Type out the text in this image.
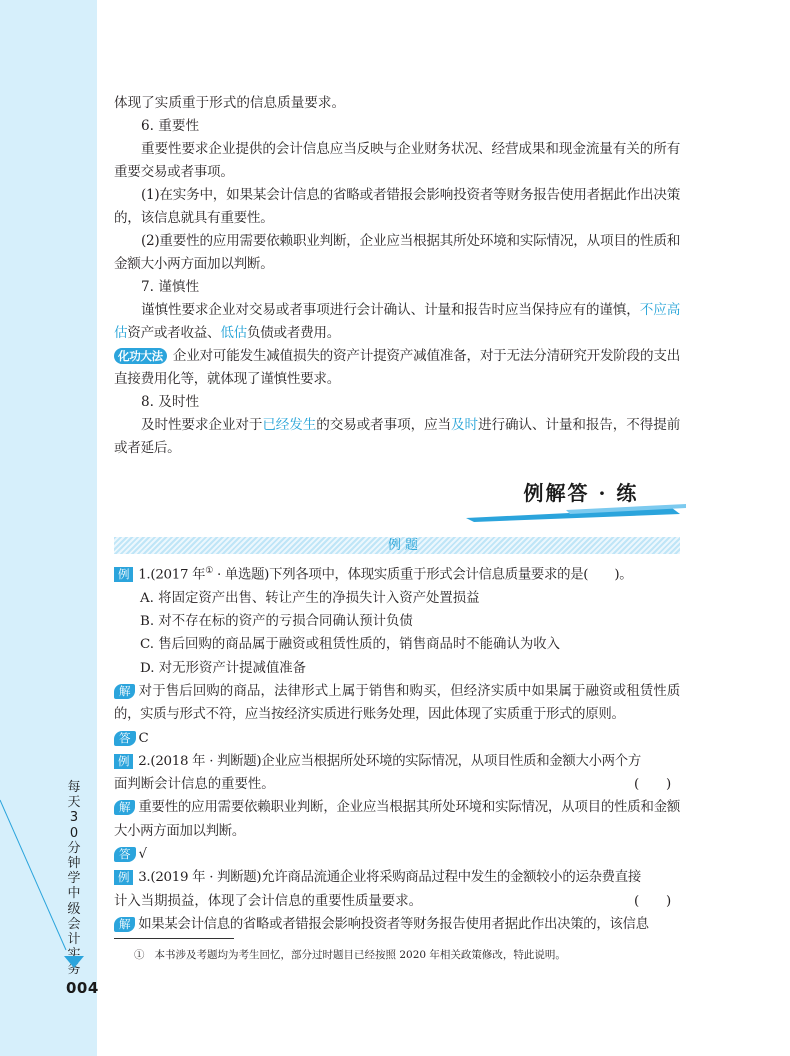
每天30分钟学中级会计实务
004

体现了实质重于形式的信息质量要求。

6. 重要性

重要性要求企业提供的会计信息应当反映与企业财务状况、经营成果和现金流量有关的所有重要交易或者事项。

(1)在实务中，如果某会计信息的省略或者错报会影响投资者等财务报告使用者据此作出决策的，该信息就具有重要性。

(2)重要性的应用需要依赖职业判断，企业应当根据其所处环境和实际情况，从项目的性质和金额大小两方面加以判断。

7. 谨慎性

谨慎性要求企业对交易或者事项进行会计确认、计量和报告时应当保持应有的谨慎，不应高估资产或者收益、低估负债或者费用。

化功大法 企业对可能发生减值损失的资产计提资产减值准备，对于无法分清研究开发阶段的支出直接费用化等，就体现了谨慎性要求。

8. 及时性

及时性要求企业对于已经发生的交易或者事项，应当及时进行确认、计量和报告，不得提前或者延后。

例解答 · 练
例 题

例 1.(2017 年① · 单选题)下列各项中，体现实质重于形式会计信息质量要求的是(　　)。

A. 将固定资产出售、转让产生的净损失计入资产处置损益

B. 对不存在标的资产的亏损合同确认预计负债

C. 售后回购的商品属于融资或租赁性质的，销售商品时不能确认为收入

D. 对无形资产计提减值准备

解 对于售后回购的商品，法律形式上属于销售和购买，但经济实质中如果属于融资或租赁性质的，实质与形式不符，应当按经济实质进行账务处理，因此体现了实质重于形式的原则。

答 C

例 2.(2018 年 · 判断题)企业应当根据所处环境的实际情况，从项目性质和金额大小两个方

(　　)
面判断会计信息的重要性。

解 重要性的应用需要依赖职业判断，企业应当根据其所处环境和实际情况，从项目的性质和金额大小两方面加以判断。

答 √

例 3.(2019 年 · 判断题)允许商品流通企业将采购商品过程中发生的金额较小的运杂费直接

(　　)
计入当期损益，体现了会计信息的重要性质量要求。

解 如果某会计信息的省略或者错报会影响投资者等财务报告使用者据此作出决策的，该信息

① 本书涉及考题均为考生回忆，部分过时题目已经按照 2020 年相关政策修改，特此说明。
